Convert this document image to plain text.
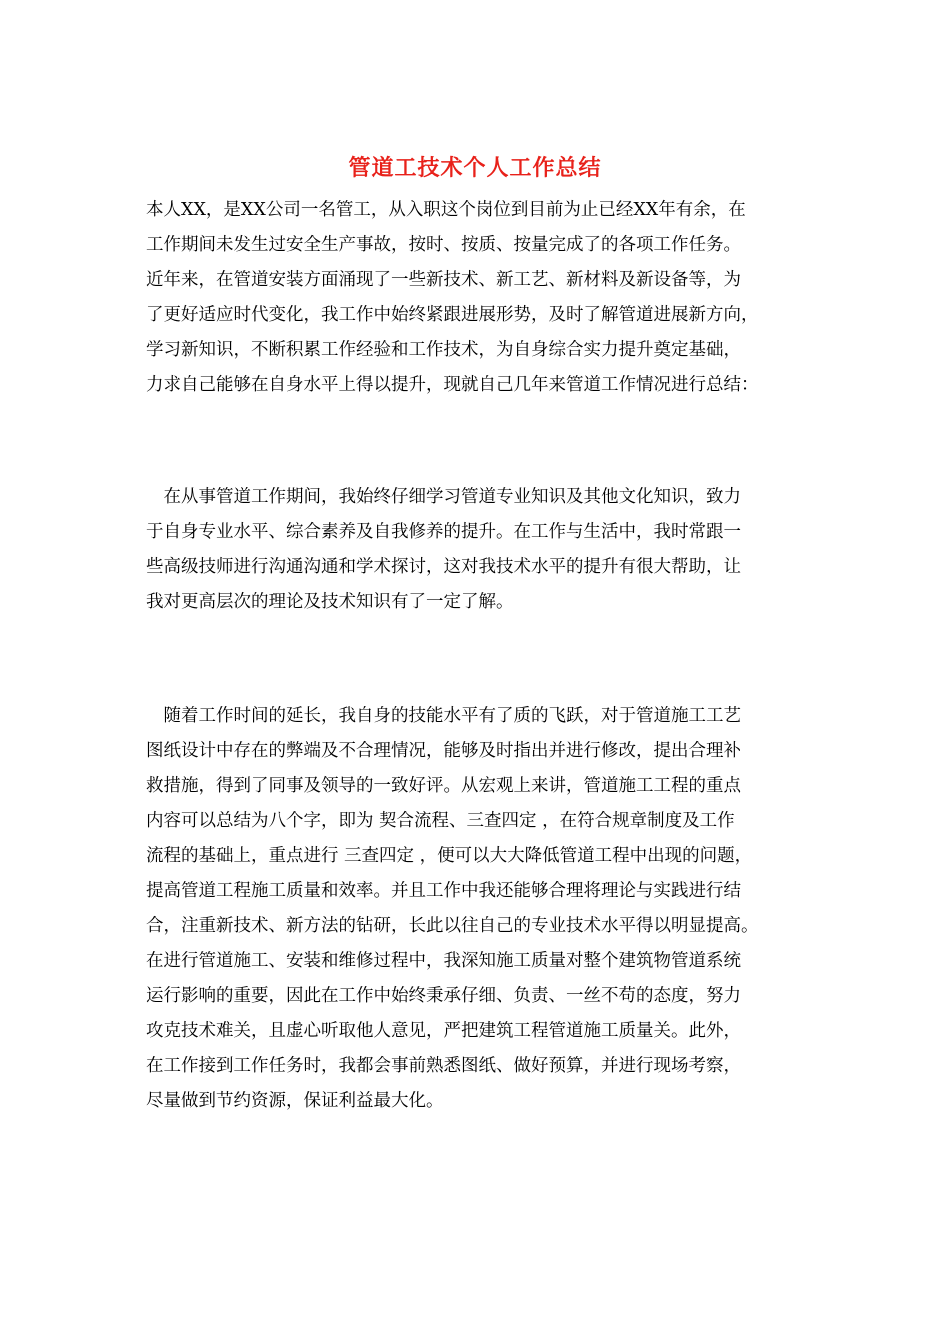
管道工技术个人工作总结
本人XX，是XX公司一名管工，从入职这个岗位到目前为止已经XX年有余，在
工作期间未发生过安全生产事故，按时、按质、按量完成了的各项工作任务。
近年来，在管道安装方面涌现了一些新技术、新工艺、新材料及新设备等，为
了更好适应时代变化，我工作中始终紧跟进展形势，及时了解管道进展新方向，
学习新知识，不断积累工作经验和工作技术，为自身综合实力提升奠定基础，
力求自己能够在自身水平上得以提升，现就自己几年来管道工作情况进行总结：
　在从事管道工作期间，我始终仔细学习管道专业知识及其他文化知识，致力
于自身专业水平、综合素养及自我修养的提升。在工作与生活中，我时常跟一
些高级技师进行沟通沟通和学术探讨，这对我技术水平的提升有很大帮助，让
我对更高层次的理论及技术知识有了一定了解。
　随着工作时间的延长，我自身的技能水平有了质的飞跃，对于管道施工工艺
图纸设计中存在的弊端及不合理情况，能够及时指出并进行修改，提出合理补
救措施，得到了同事及领导的一致好评。从宏观上来讲，管道施工工程的重点
内容可以总结为八个字，即为 契合流程、三查四定 ，在符合规章制度及工作
流程的基础上，重点进行 三查四定 ，便可以大大降低管道工程中出现的问题，
提高管道工程施工质量和效率。并且工作中我还能够合理将理论与实践进行结
合，注重新技术、新方法的钻研，长此以往自己的专业技术水平得以明显提高。
在进行管道施工、安装和维修过程中，我深知施工质量对整个建筑物管道系统
运行影响的重要，因此在工作中始终秉承仔细、负责、一丝不苟的态度，努力
攻克技术难关，且虚心听取他人意见，严把建筑工程管道施工质量关。此外，
在工作接到工作任务时，我都会事前熟悉图纸、做好预算，并进行现场考察，
尽量做到节约资源，保证利益最大化。
